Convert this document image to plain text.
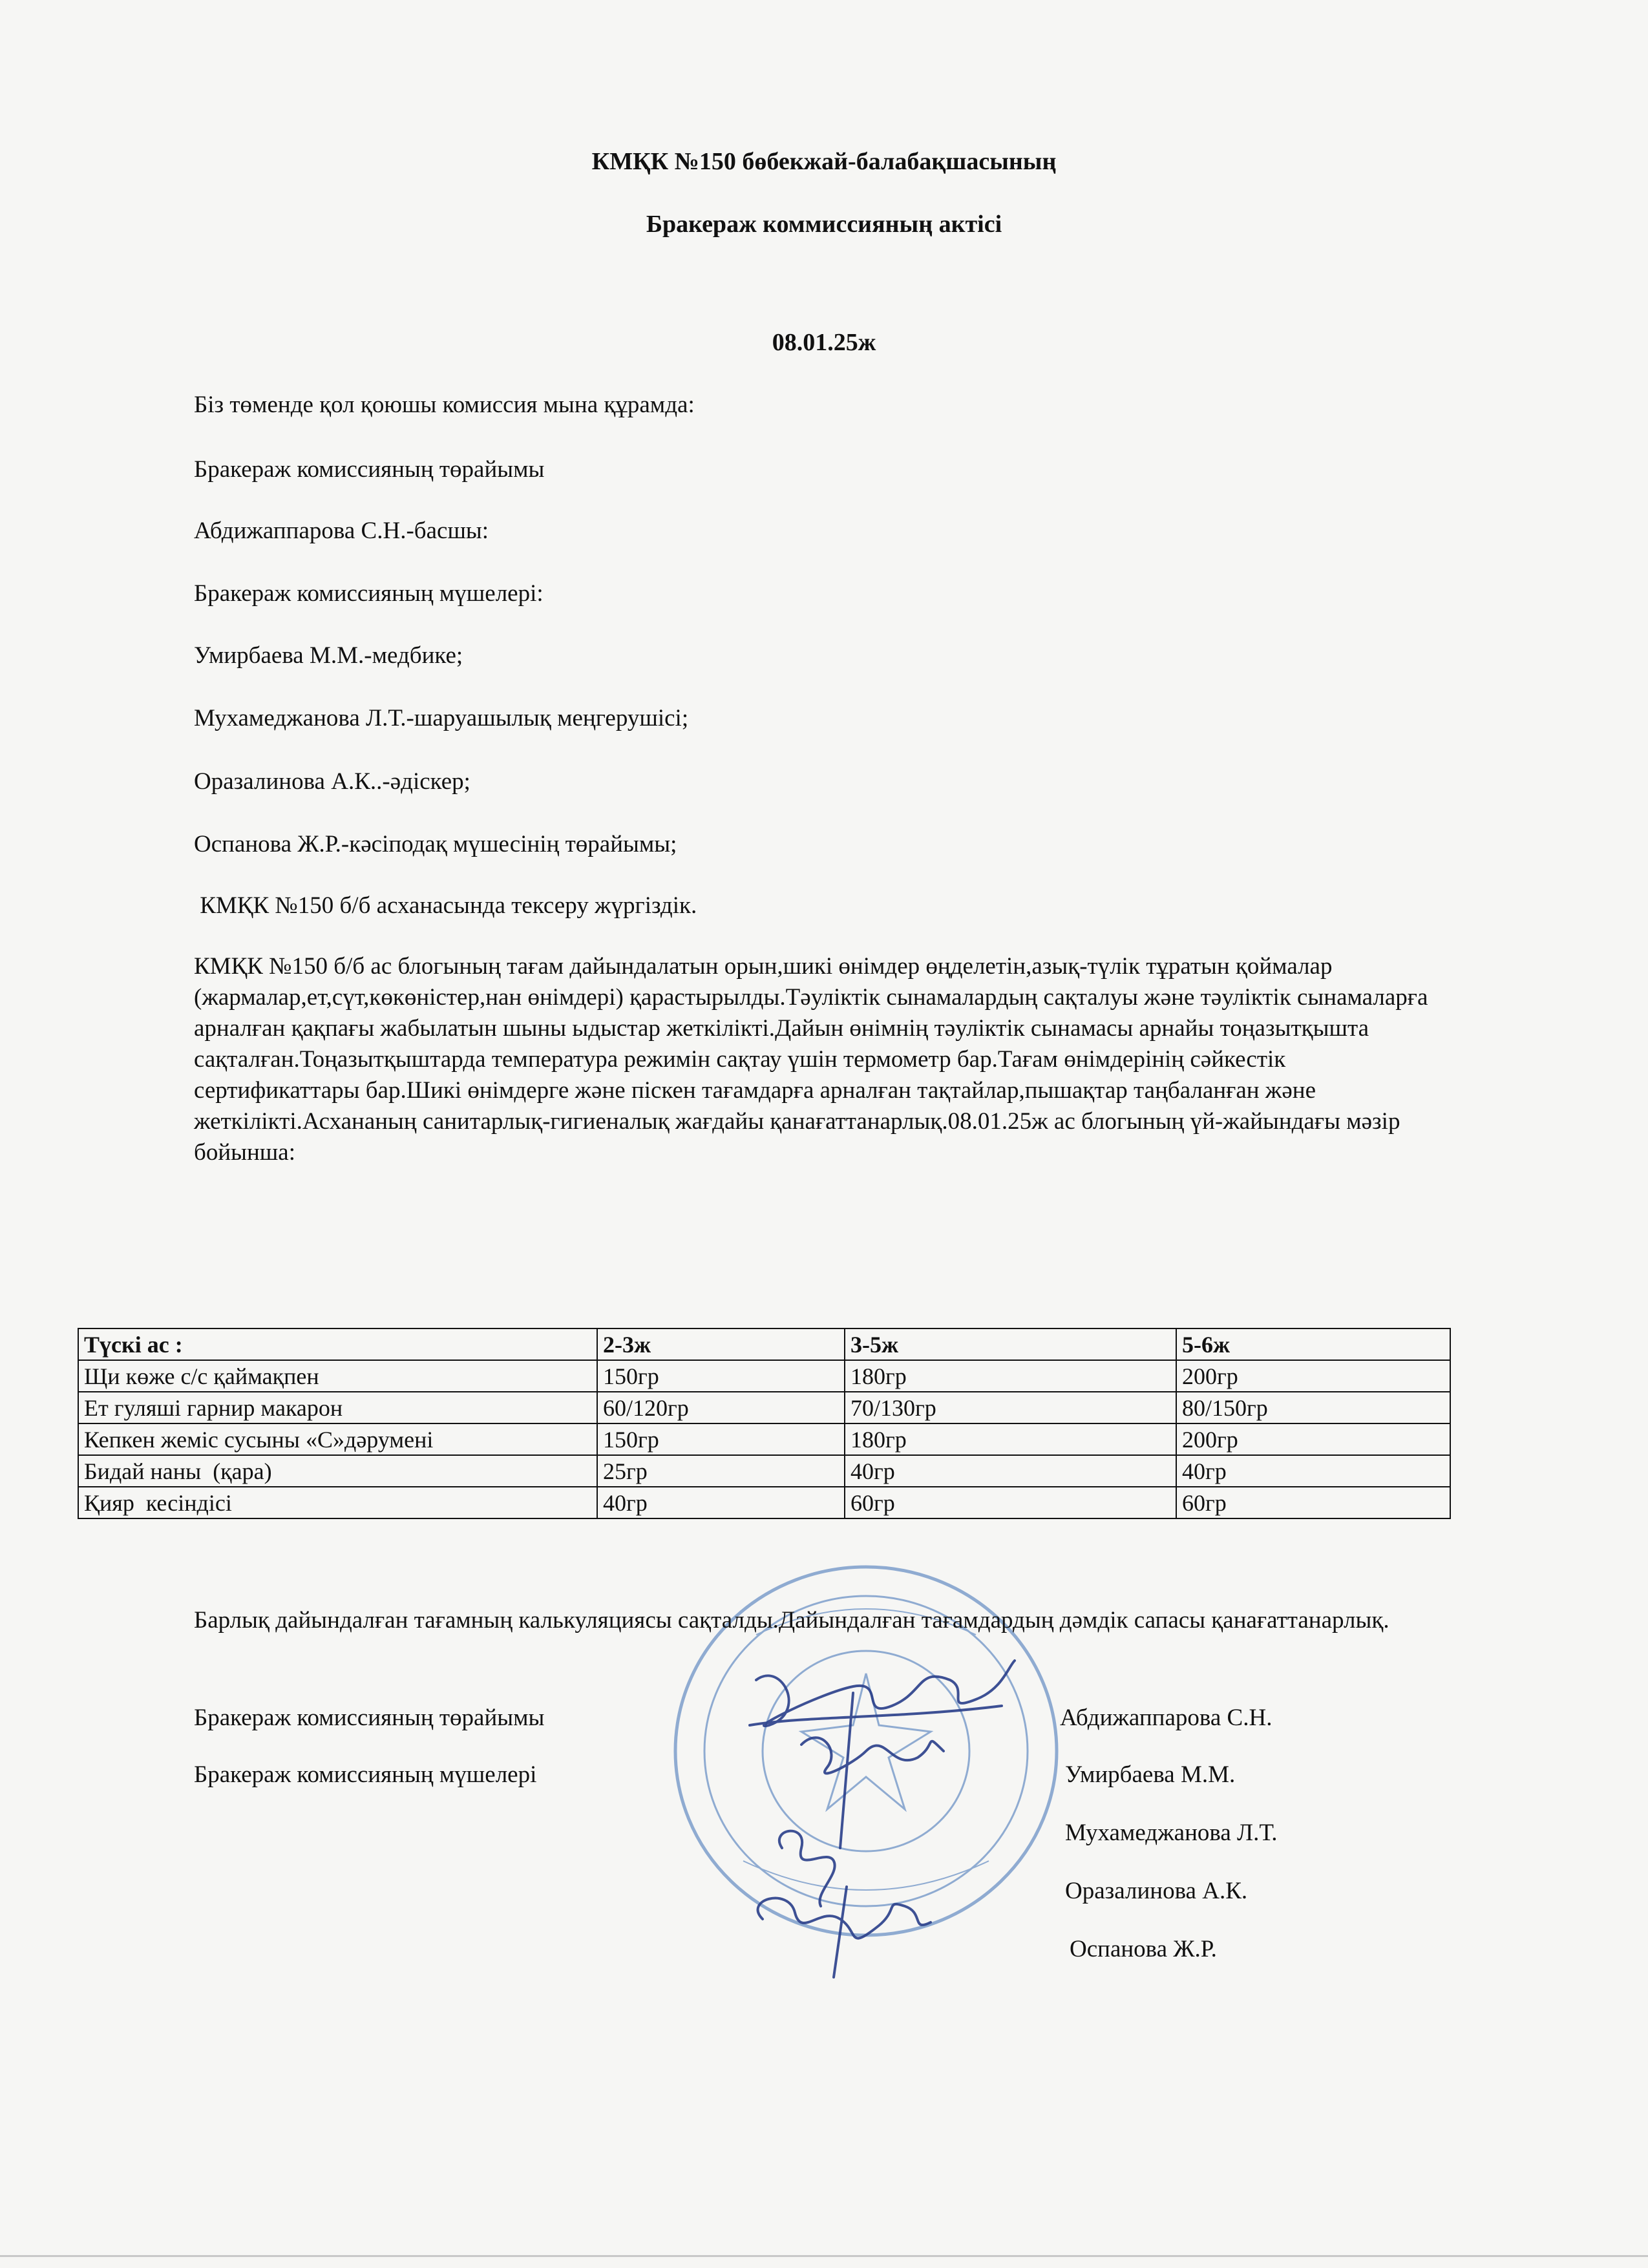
КМҚК №150 бөбекжай-балабақшасының
Бракераж коммиссияның актісі
08.01.25ж
Біз төменде қол қоюшы комиссия мына құрамда:
Бракераж комиссияның төрайымы
Абдижаппарова С.Н.-басшы:
Бракераж комиссияның мүшелері:
Умирбаева М.М.-медбике;
Мухамеджанова Л.Т.-шаруашылық меңгерушісі;
Оразалинова А.К..-әдіскер;
Оспанова Ж.Р.-кәсіподақ мүшесінің төрайымы;
КМҚК №150 б/б асханасында тексеру жүргіздік.
КМҚК №150 б/б ас блогының тағам дайындалатын орын,шикі өнімдер өңделетін,азық-түлік тұратын қоймалар (жармалар,ет,сүт,көкөністер,нан өнімдері) қарастырылды.Тәуліктік сынамалардың сақталуы және тәуліктік сынамаларға арналған қақпағы жабылатын шыны ыдыстар жеткілікті.Дайын өнімнің тәуліктік сынамасы арнайы тоңазытқышта сақталған.Тоңазытқыштарда температура режимін сақтау үшін термометр бар.Тағам өнімдерінің сәйкестік сертификаттары бар.Шикі өнімдерге және піскен тағамдарға арналған тақтайлар,пышақтар таңбаланған және жеткілікті.Асхананың санитарлық-гигиеналық жағдайы қанағаттанарлық.08.01.25ж ас блогының үй-жайындағы мәзір бойынша:
Түскі ас :	2-3ж	3-5ж	5-6ж
Щи көже с/с қаймақпен	150гр	180гр	200гр
Ет гуляші гарнир макарон	60/120гр	70/130гр	80/150гр
Кепкен жеміс сусыны «С»дәрумені	150гр	180гр	200гр
Бидай наны  (қара)	25гр	40гр	40гр
Қияр  кесіндісі	40гр	60гр	60гр
Барлық дайындалған тағамның калькуляциясы сақталды.Дайындалған тағамдардың дәмдік сапасы қанағаттанарлық.
Бракераж комиссияның төрайымы
Бракераж комиссияның мүшелері
Абдижаппарова С.Н.
Умирбаева М.М.
Мухамеджанова Л.Т.
Оразалинова А.К.
Оспанова Ж.Р.
